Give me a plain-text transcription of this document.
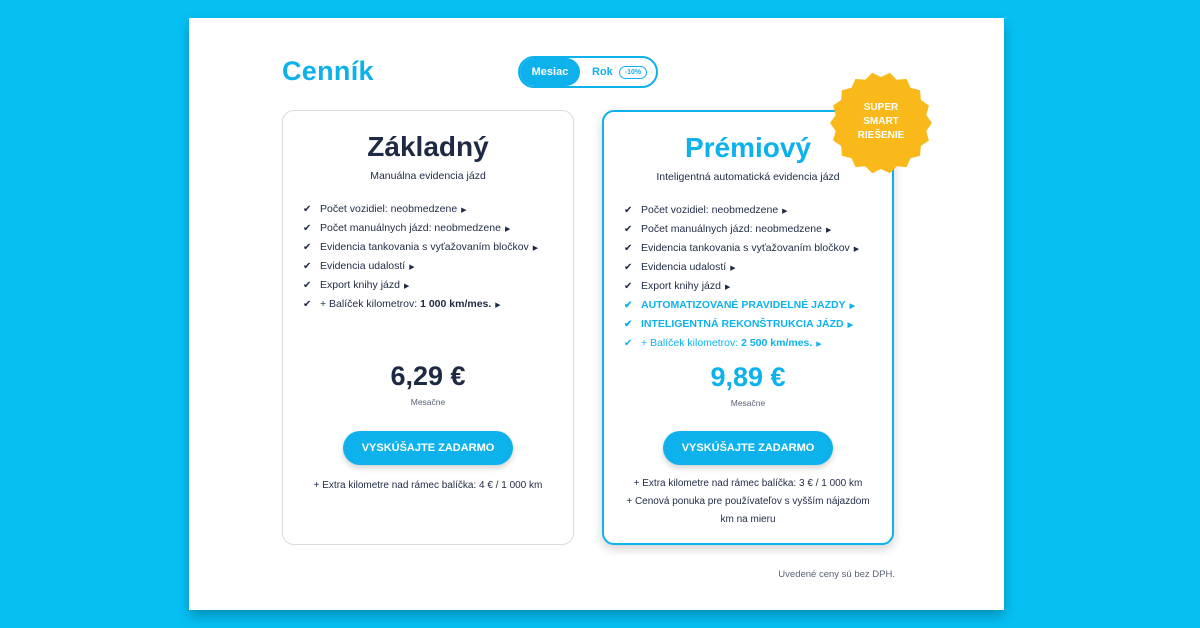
Cenník	Mesiac	Rok -10%
Základný
Manuálna evidencia jázd
✔ Počet vozidiel: neobmedzene ▶
✔ Počet manuálnych jázd: neobmedzene ▶
✔ Evidencia tankovania s vyťažovaním bločkov ▶
✔ Evidencia udalostí ▶
✔ Export knihy jázd ▶
✔ + Balíček kilometrov: 1 000 km/mes. ▶
6,29 €
Mesačne
VYSKÚŠAJTE ZADARMO
+ Extra kilometre nad rámec balíčka: 4 € / 1 000 km
Prémiový
Inteligentná automatická evidencia jázd
✔ Počet vozidiel: neobmedzene ▶
✔ Počet manuálnych jázd: neobmedzene ▶
✔ Evidencia tankovania s vyťažovaním bločkov ▶
✔ Evidencia udalostí ▶
✔ Export knihy jázd ▶
✔ AUTOMATIZOVANÉ PRAVIDELNÉ JAZDY ▶
✔ INTELIGENTNÁ REKONŠTRUKCIA JÁZD ▶
✔ + Balíček kilometrov: 2 500 km/mes. ▶
9,89 €
Mesačne
VYSKÚŠAJTE ZADARMO
+ Extra kilometre nad rámec balíčka: 3 € / 1 000 km
+ Cenová ponuka pre používateľov s vyšším nájazdom
km na mieru
SUPER
SMART
RIEŠENIE
Uvedené ceny sú bez DPH.
